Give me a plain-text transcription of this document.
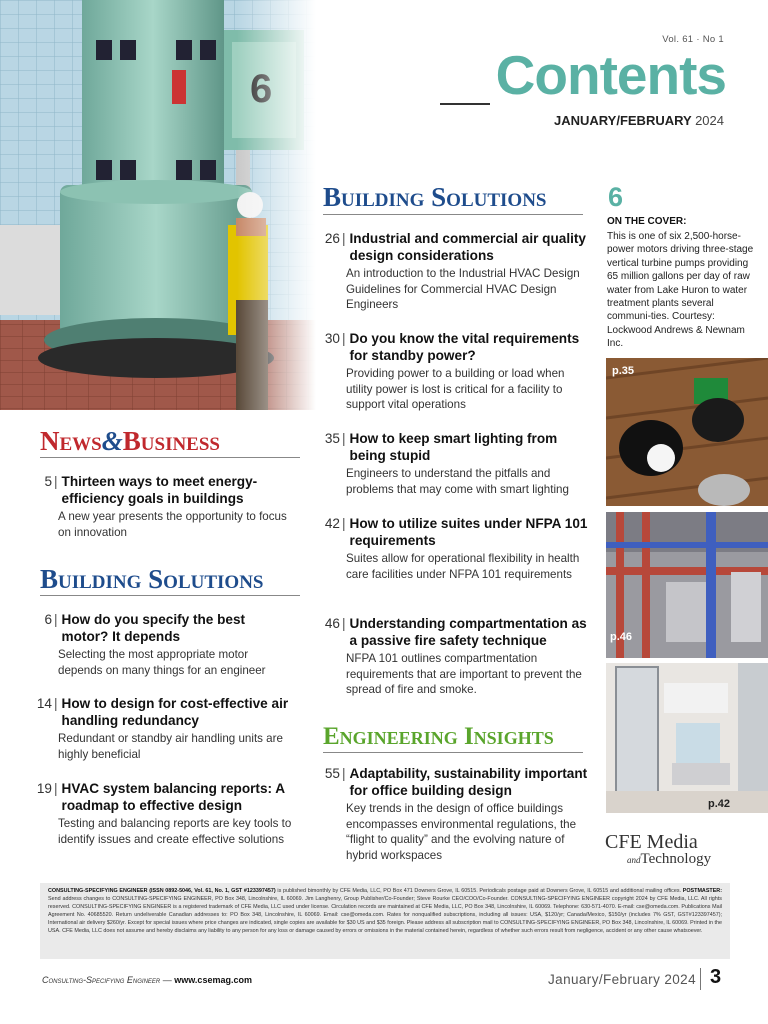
Vol. 61 · No 1
Contents
JANUARY/FEBRUARY 2024
Building Solutions
26 | Industrial and commercial air quality design considerations
An introduction to the Industrial HVAC Design Guidelines for Commercial HVAC Design Engineers
30 | Do you know the vital requirements for standby power?
Providing power to a building or load when utility power is lost is critical for a facility to support vital operations
35 | How to keep smart lighting from being stupid
Engineers to understand the pitfalls and problems that may come with smart lighting
42 | How to utilize suites under NFPA 101 requirements
Suites allow for operational flexibility in health care facilities under NFPA 101 requirements
46 | Understanding compartmentation as a passive fire safety technique
NFPA 101 outlines compartmentation requirements that are important to prevent the spread of fire and smoke.
Engineering Insights
55 | Adaptability, sustainability important for office building design
Key trends in the design of office buildings encompasses environmental regulations, the “flight to quality” and the evolving nature of hybrid workspaces
News&Business
5 | Thirteen ways to meet energy-efficiency goals in buildings
A new year presents the opportunity to focus on innovation
Building Solutions
6 | How do you specify the best motor? It depends
Selecting the most appropriate motor depends on many things for an engineer
14 | How to design for cost-effective air handling redundancy
Redundant or standby air handling units are highly beneficial
19 | HVAC system balancing reports: A roadmap to effective design
Testing and balancing reports are key tools to identify issues and create effective solutions
6
ON THE COVER:
This is one of six 2,500-horse-power motors driving three-stage vertical turbine pumps providing 65 million gallons per day of raw water from Lake Huron to water treatment plants several communi-ties. Courtesy: Lockwood Andrews & Newnam Inc.
p.35
p.46
p.42
CFE Media
andTechnology
CONSULTING-SPECIFYING ENGINEER (ISSN 0892-5046, Vol. 61, No. 1, GST #123397457) is published bimonthly by CFE Media, LLC, PO Box 471 Downers Grove, IL 60515. Periodicals postage paid at Downers Grove, IL 60515 and additional mailing offices. POSTMASTER: Send address changes to CONSULTING-SPECIFYING ENGINEER, PO Box 348, Lincolnshire, IL 60069. Jim Langhenry, Group Publisher/Co-Founder; Steve Rourke CEO/COO/Co-Founder. CONSULTING-SPECIFYING ENGINEER copyright 2024 by CFE Media, LLC. All rights reserved. CONSULTING-SPECIFYING ENGINEER is a registered trademark of CFE Media, LLC used under license. Circulation records are maintained at CFE Media, LLC, PO Box 348, Lincolnshire, IL 60069. Telephone: 630-571-4070. E-mail: cse@omeda.com. Publications Mail Agreement No. 40685520. Return undeliverable Canadian addresses to: PO Box 348, Lincolnshire, IL 60069. Email: cse@omeda.com. Rates for nonqualified subscriptions, including all issues: USA, $120/yr; Canada/Mexico, $150/yr (includes 7% GST, GST#123397457); International air delivery $260/yr. Except for special issues where price changes are indicated, single copies are available for $30 US and $35 foreign. Please address all subscription mail to CONSULTING-SPECIFYING ENGINEER, PO Box 348, Lincolnshire, IL 60069. Printed in the USA. CFE Media, LLC does not assume and hereby disclaims any liability to any person for any loss or damage caused by errors or omissions in the material contained herein, regardless of whether such errors result from negligence, accident or any other cause whatsoever.
Consulting-Specifying Engineer — www.csemag.com	January/February 2024 3
